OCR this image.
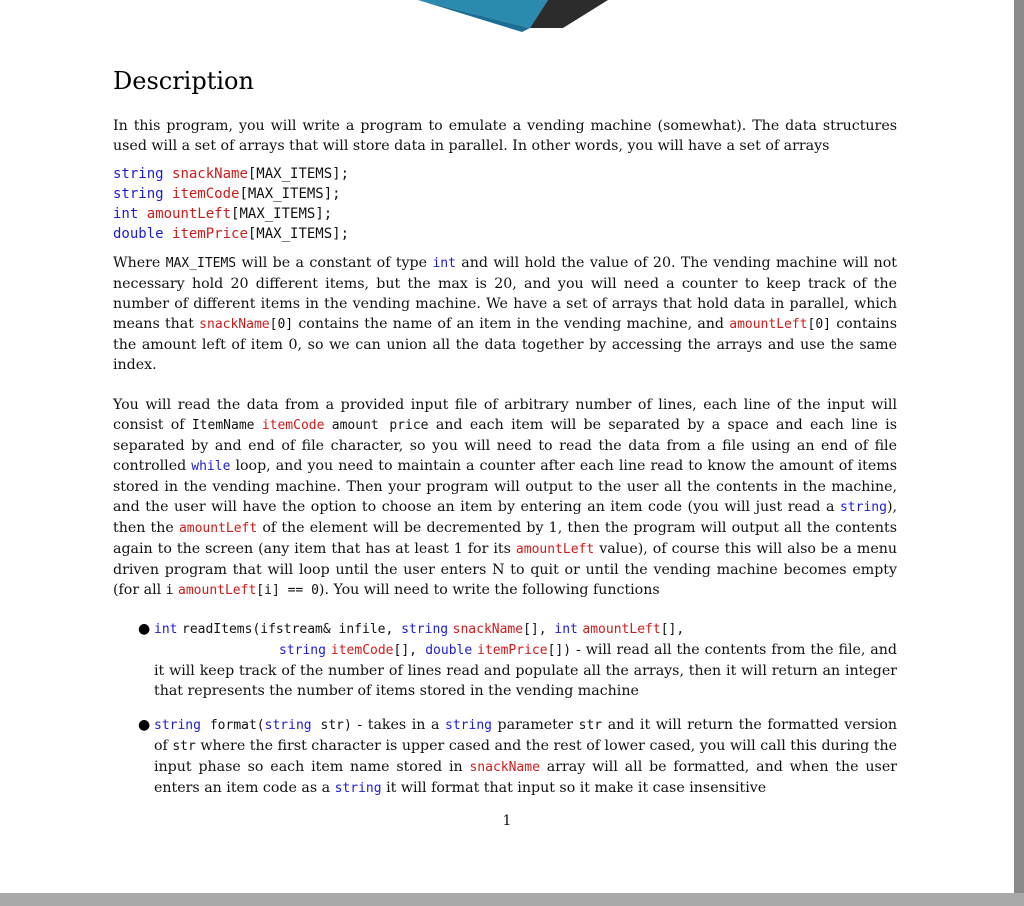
Description

In this program, you will write a program to emulate a vending machine (somewhat). The data structures used will a set of arrays that will store data in parallel. In other words, you will have a set of arrays

string snackName[MAX_ITEMS];
string itemCode[MAX_ITEMS];
int amountLeft[MAX_ITEMS];
double itemPrice[MAX_ITEMS];

Where MAX_ITEMS will be a constant of type int and will hold the value of 20. The vending machine will not necessary hold 20 different items, but the max is 20, and you will need a counter to keep track of the number of different items in the vending machine. We have a set of arrays that hold data in parallel, which means that snackName[0] contains the name of an item in the vending machine, and amountLeft[0] contains the amount left of item 0, so we can union all the data together by accessing the arrays and use the same index.

You will read the data from a provided input file of arbitrary number of lines, each line of the input will consist of ItemName itemCode amount price and each item will be separated by a space and each line is separated by and end of file character, so you will need to read the data from a file using an end of file controlled while loop, and you need to maintain a counter after each line read to know the amount of items stored in the vending machine. Then your program will output to the user all the contents in the machine, and the user will have the option to choose an item by entering an item code (you will just read a string), then the amountLeft of the element will be decremented by 1, then the program will output all the contents again to the screen (any item that has at least 1 for its amountLeft value), of course this will also be a menu driven program that will loop until the user enters N to quit or until the vending machine becomes empty (for all i amountLeft[i] == 0). You will need to write the following functions

● int readItems(ifstream& infile, string snackName[], int amountLeft[],
string itemCode[], double itemPrice[]) - will read all the contents from the file, and it will keep track of the number of lines read and populate all the arrays, then it will return an integer that represents the number of items stored in the vending machine
● string format(string str) - takes in a string parameter str and it will return the formatted version of str where the first character is upper cased and the rest of lower cased, you will call this during the input phase so each item name stored in snackName array will all be formatted, and when the user enters an item code as a string it will format that input so it make it case insensitive
1
